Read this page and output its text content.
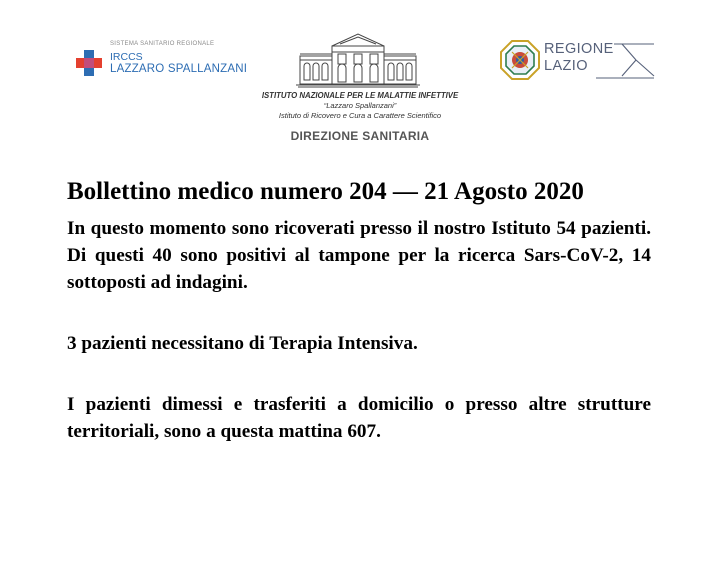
SISTEMA SANITARIO REGIONALE
IRCCS
LAZZARO SPALLANZANI
ISTITUTO NAZIONALE PER LE MALATTIE INFETTIVE
“Lazzaro Spallanzani”
Istituto di Ricovero e Cura a Carattere Scientifico
DIREZIONE SANITARIA
REGIONE
LAZIO
Bollettino medico numero 204 — 21 Agosto 2020

In questo momento sono ricoverati presso il nostro Istituto 54 pazienti. Di questi 40 sono positivi al tampone per la ricerca Sars-CoV-2, 14 sottoposti ad indagini.

3 pazienti necessitano di Terapia Intensiva.

I pazienti dimessi e trasferiti a domicilio o presso altre strutture territoriali, sono a questa mattina 607.
